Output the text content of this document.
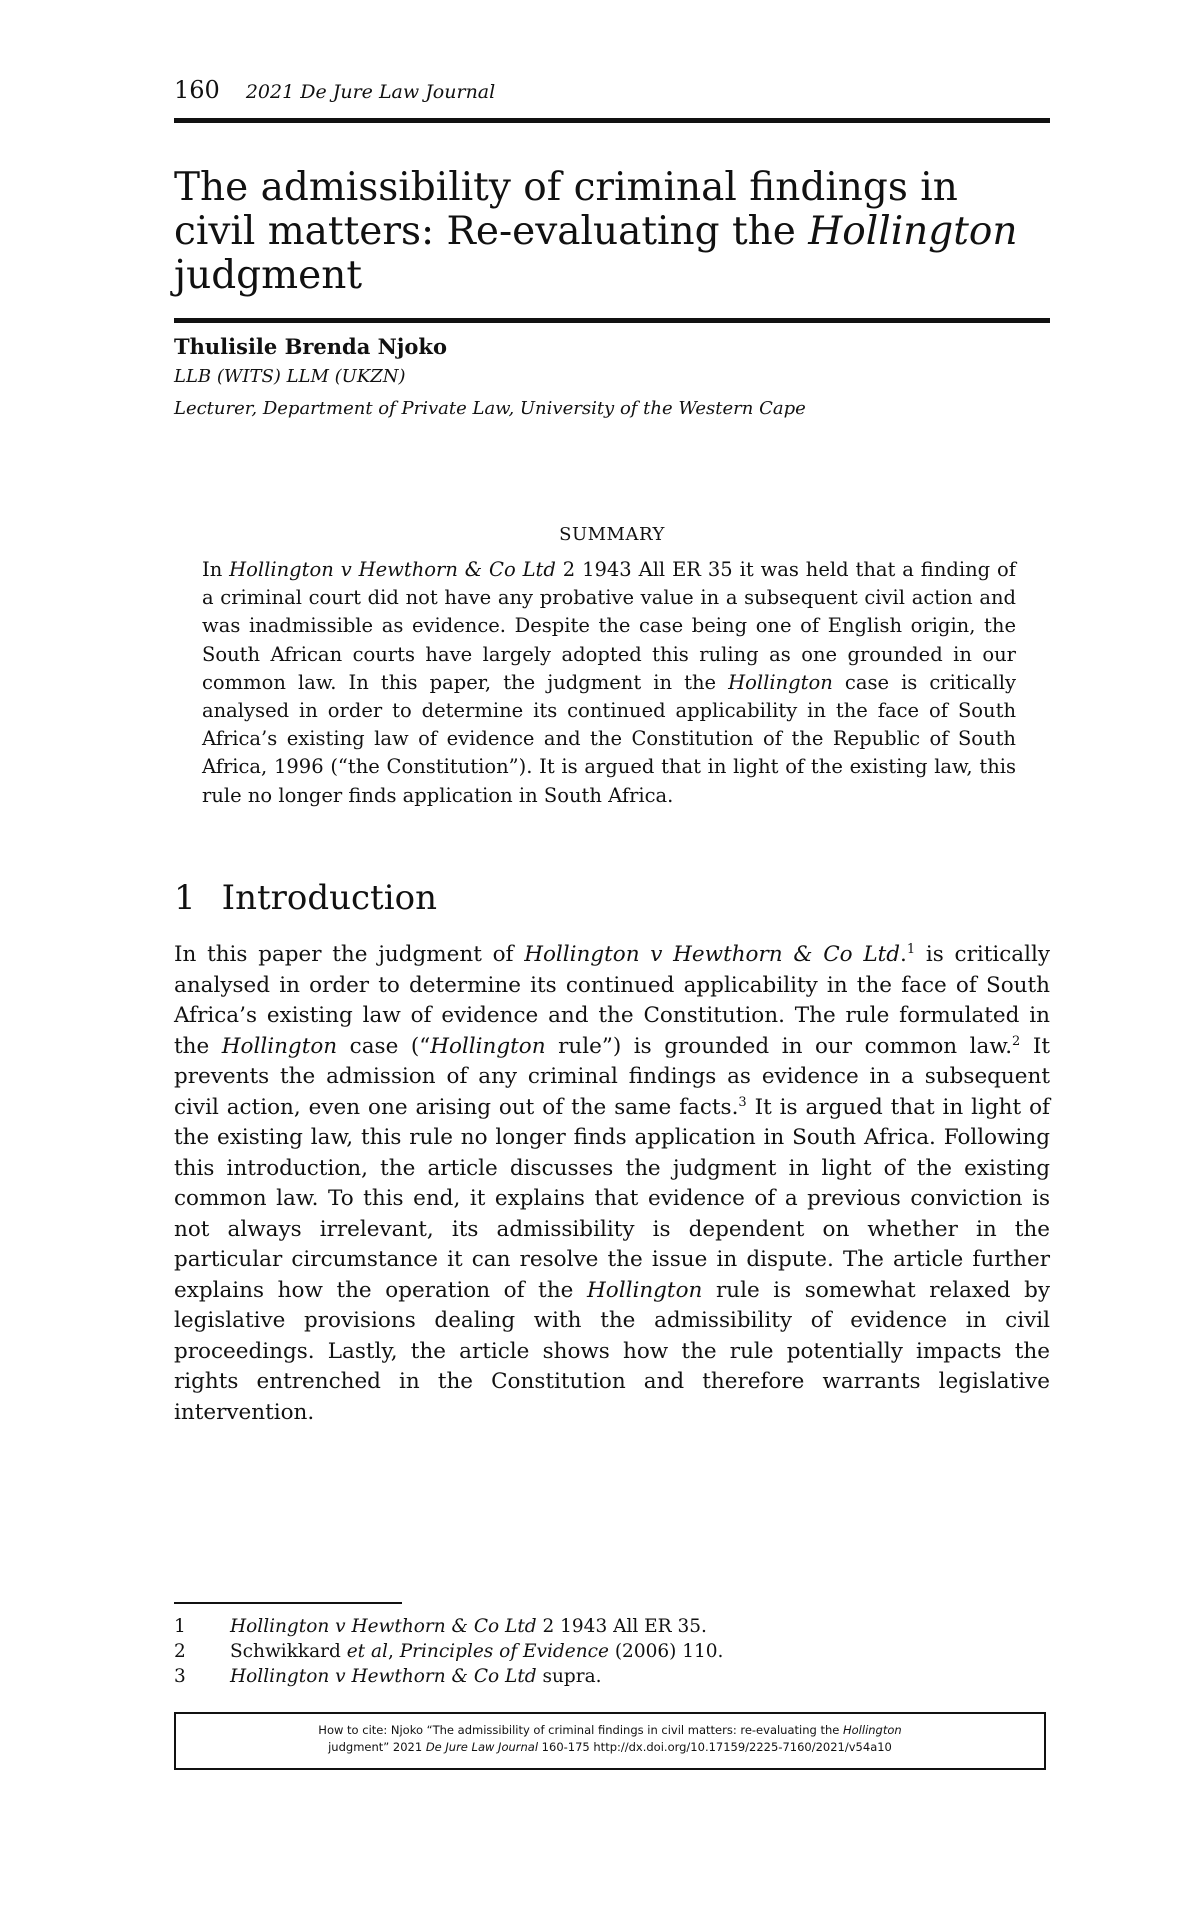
160 2021 De Jure Law Journal
The admissibility of criminal findings in civil matters: Re-evaluating the Hollington judgment
Thulisile Brenda Njoko
LLB (WITS) LLM (UKZN)
Lecturer, Department of Private Law, University of the Western Cape
SUMMARY

In Hollington v Hewthorn & Co Ltd 2 1943 All ER 35 it was held that a finding of a criminal court did not have any probative value in a subsequent civil action and was inadmissible as evidence. Despite the case being one of English origin, the South African courts have largely adopted this ruling as one grounded in our common law. In this paper, the judgment in the Hollington case is critically analysed in order to determine its continued applicability in the face of South Africa’s existing law of evidence and the Constitution of the Republic of South Africa, 1996 (“the Constitution”). It is argued that in light of the existing law, this rule no longer finds application in South Africa.

1 Introduction

In this paper the judgment of Hollington v Hewthorn & Co Ltd.$^1$ is critically analysed in order to determine its continued applicability in the face of South Africa’s existing law of evidence and the Constitution. The rule formulated in the Hollington case (“Hollington rule”) is grounded in our common law.$^2$ It prevents the admission of any criminal findings as evidence in a subsequent civil action, even one arising out of the same facts.$^3$ It is argued that in light of the existing law, this rule no longer finds application in South Africa. Following this introduction, the article discusses the judgment in light of the existing common law. To this end, it explains that evidence of a previous conviction is not always irrelevant, its admissibility is dependent on whether in the particular circumstance it can resolve the issue in dispute. The article further explains how the operation of the Hollington rule is somewhat relaxed by legislative provisions dealing with the admissibility of evidence in civil proceedings. Lastly, the article shows how the rule potentially impacts the rights entrenched in the Constitution and therefore warrants legislative intervention.

1	Hollington v Hewthorn & Co Ltd 2 1943 All ER 35.
2	Schwikkard et al, Principles of Evidence (2006) 110.
3	Hollington v Hewthorn & Co Ltd supra.
How to cite: Njoko “The admissibility of criminal findings in civil matters: re-evaluating the Hollington
judgment” 2021 De Jure Law Journal 160-175 http://dx.doi.org/10.17159/2225-7160/2021/v54a10
